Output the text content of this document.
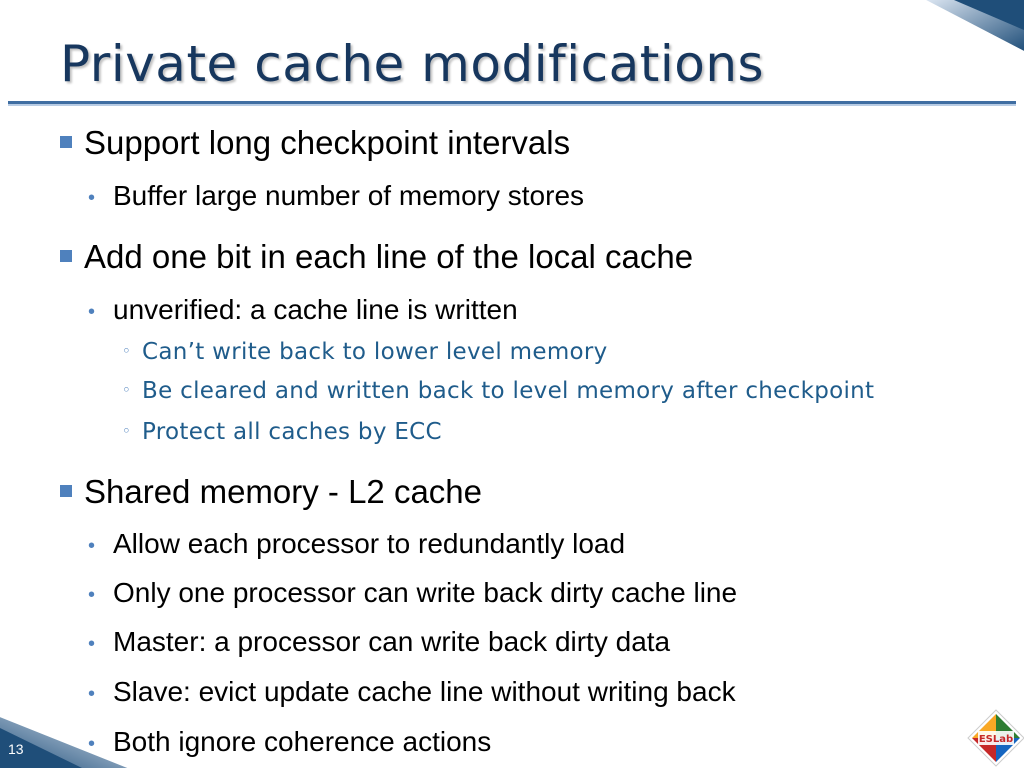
Private cache modifications
Support long checkpoint intervals
• Buffer large number of memory stores
Add one bit in each line of the local cache
• unverified: a cache line is written
◦ Can’t write back to lower level memory
◦ Be cleared and written back to level memory after checkpoint
◦ Protect all caches by ECC
Shared memory - L2 cache
• Allow each processor to redundantly load
• Only one processor can write back dirty cache line
• Master: a processor can write back dirty data
• Slave: evict update cache line without writing back
• Both ignore coherence actions
13
ESLab
